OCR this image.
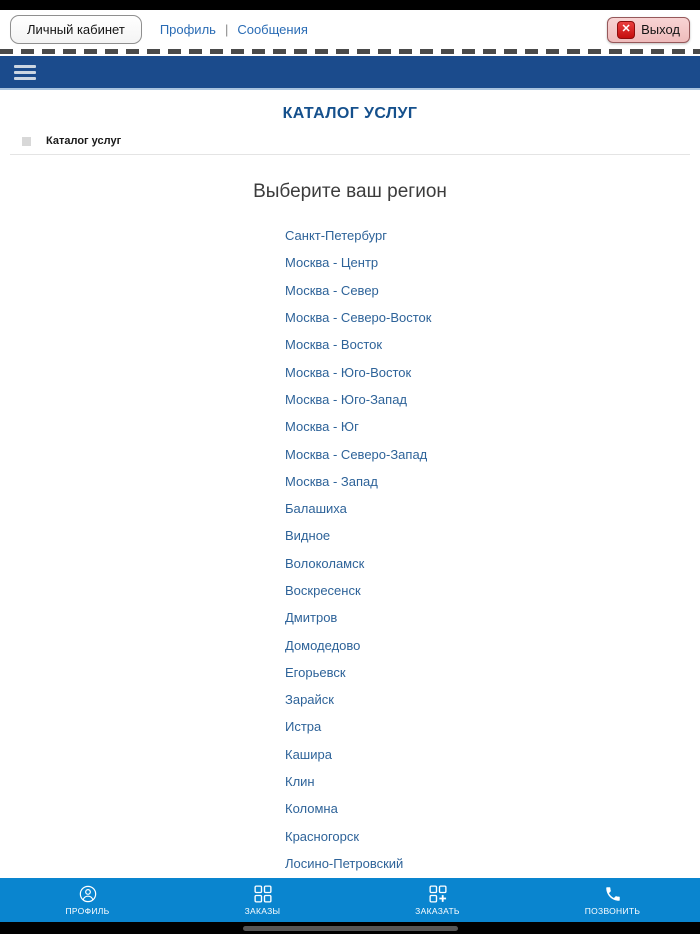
Личный кабинет	Профиль | Сообщения	✕ Выход
КАТАЛОГ УСЛУГ
Каталог услуг
Выберите ваш регион
Санкт-Петербург
Москва - Центр
Москва - Север
Москва - Северо-Восток
Москва - Восток
Москва - Юго-Восток
Москва - Юго-Запад
Москва - Юг
Москва - Северо-Запад
Москва - Запад
Балашиха
Видное
Волоколамск
Воскресенск
Дмитров
Домодедово
Егорьевск
Зарайск
Истра
Кашира
Клин
Коломна
Красногорск
Лосино-Петровский
ПРОФИЛЬ	ЗАКАЗЫ	ЗАКАЗАТЬ	ПОЗВОНИТЬ
